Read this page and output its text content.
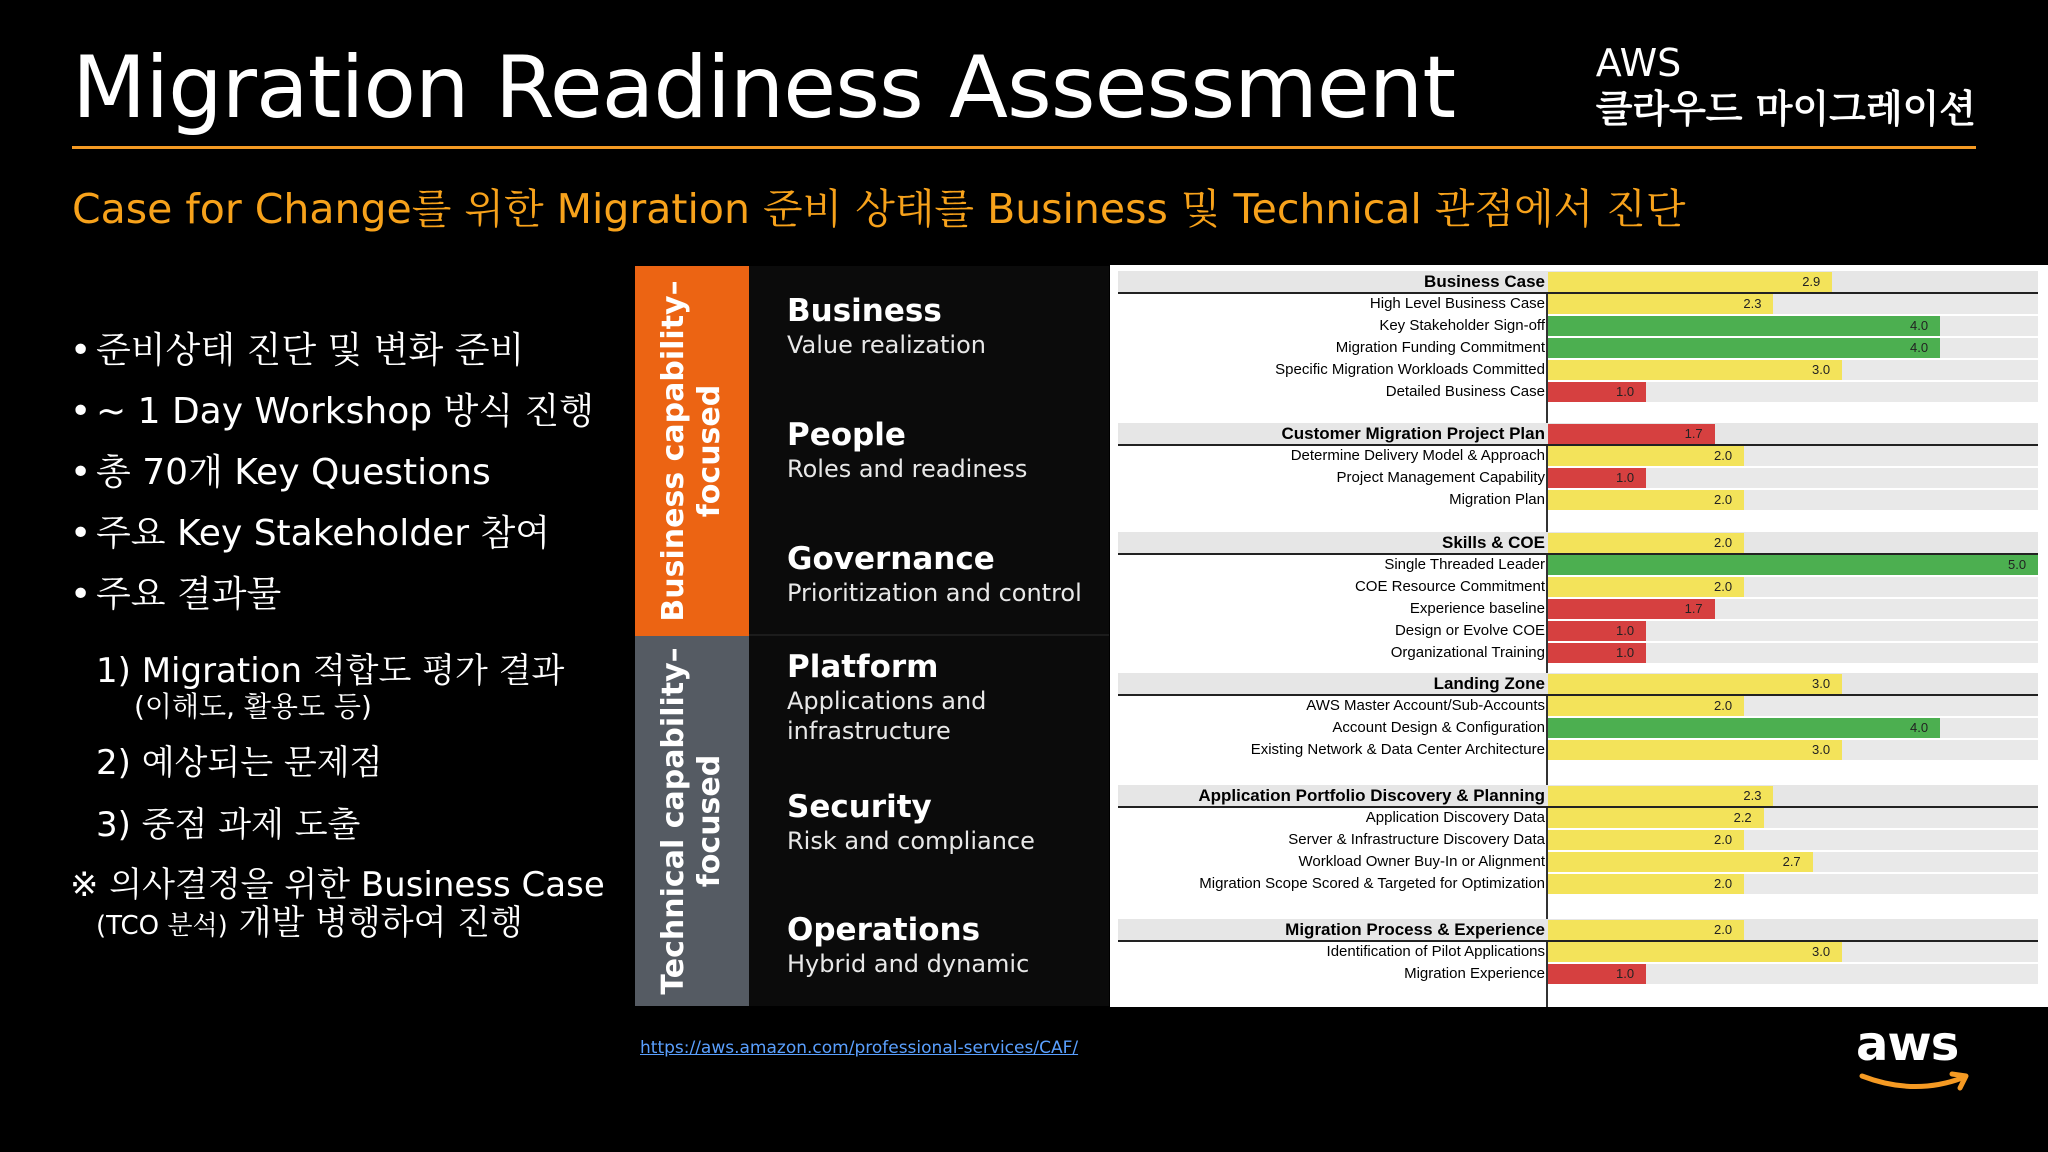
Migration Readiness Assessment	AWS
클라우드 마이그레이션
Case for Change를 위한 Migration 준비 상태를 Business 및 Technical 관점에서 진단
• 준비상태 진단 및 변화 준비
• ~ 1 Day Workshop 방식 진행
• 총 70개 Key Questions
• 주요 Key Stakeholder 참여
• 주요 결과물
1) Migration 적합도 평가 결과
(이해도, 활용도 등)
2) 예상되는 문제점
3) 중점 과제 도출
※ 의사결정을 위한 Business Case
(TCO 분석) 개발 병행하여 진행
Business capability– focused
Technical capability– focused
Business
Value realization
People
Roles and readiness
Governance
Prioritization and control
Platform
Applications and infrastructure
Security
Risk and compliance
Operations
Hybrid and dynamic
Business Case	2.9
High Level Business Case	2.3
Key Stakeholder Sign-off	4.0
Migration Funding Commitment	4.0
Specific Migration Workloads Committed	3.0
Detailed Business Case	1.0
Customer Migration Project Plan	1.7
Determine Delivery Model & Approach	2.0
Project Management Capability	1.0
Migration Plan	2.0
Skills & COE	2.0
Single Threaded Leader	5.0
COE Resource Commitment	2.0
Experience baseline	1.7
Design or Evolve COE	1.0
Organizational Training	1.0
Landing Zone	3.0
AWS Master Account/Sub-Accounts	2.0
Account Design & Configuration	4.0
Existing Network & Data Center Architecture	3.0
Application Portfolio Discovery & Planning	2.3
Application Discovery Data	2.2
Server & Infrastructure Discovery Data	2.0
Workload Owner Buy-In or Alignment	2.7
Migration Scope Scored & Targeted for Optimization	2.0
Migration Process & Experience	2.0
Identification of Pilot Applications	3.0
Migration Experience	1.0
https://aws.amazon.com/professional-services/CAF/	aws
